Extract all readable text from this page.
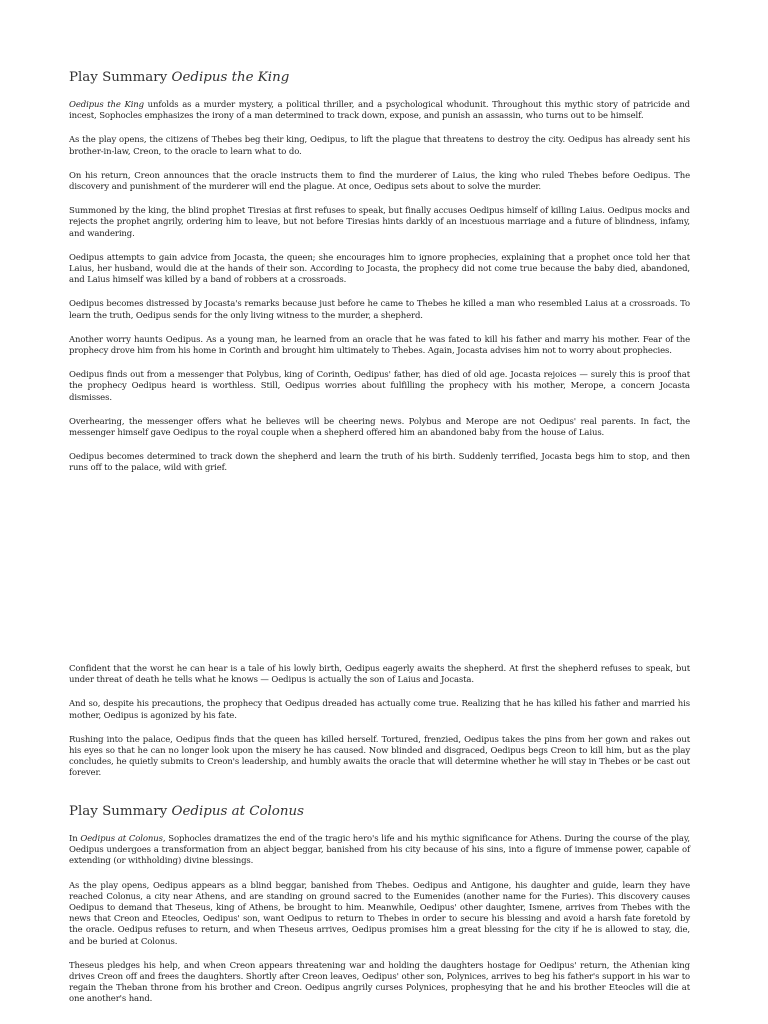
Play Summary Oedipus the King

Oedipus the King unfolds as a murder mystery, a political thriller, and a psychological whodunit. Throughout this mythic story of patricide and incest, Sophocles emphasizes the irony of a man determined to track down, expose, and punish an assassin, who turns out to be himself.

As the play opens, the citizens of Thebes beg their king, Oedipus, to lift the plague that threatens to destroy the city. Oedipus has already sent his brother-in-law, Creon, to the oracle to learn what to do.

On his return, Creon announces that the oracle instructs them to find the murderer of Laius, the king who ruled Thebes before Oedipus. The discovery and punishment of the murderer will end the plague. At once, Oedipus sets about to solve the murder.

Summoned by the king, the blind prophet Tiresias at first refuses to speak, but finally accuses Oedipus himself of killing Laius. Oedipus mocks and rejects the prophet angrily, ordering him to leave, but not before Tiresias hints darkly of an incestuous marriage and a future of blindness, infamy, and wandering.

Oedipus attempts to gain advice from Jocasta, the queen; she encourages him to ignore prophecies, explaining that a prophet once told her that Laius, her husband, would die at the hands of their son. According to Jocasta, the prophecy did not come true because the baby died, abandoned, and Laius himself was killed by a band of robbers at a crossroads.

Oedipus becomes distressed by Jocasta's remarks because just before he came to Thebes he killed a man who resembled Laius at a crossroads. To learn the truth, Oedipus sends for the only living witness to the murder, a shepherd.

Another worry haunts Oedipus. As a young man, he learned from an oracle that he was fated to kill his father and marry his mother. Fear of the prophecy drove him from his home in Corinth and brought him ultimately to Thebes. Again, Jocasta advises him not to worry about prophecies.

Oedipus finds out from a messenger that Polybus, king of Corinth, Oedipus' father, has died of old age. Jocasta rejoices — surely this is proof that the prophecy Oedipus heard is worthless. Still, Oedipus worries about fulfilling the prophecy with his mother, Merope, a concern Jocasta dismisses.

Overhearing, the messenger offers what he believes will be cheering news. Polybus and Merope are not Oedipus' real parents. In fact, the messenger himself gave Oedipus to the royal couple when a shepherd offered him an abandoned baby from the house of Laius.

Oedipus becomes determined to track down the shepherd and learn the truth of his birth. Suddenly terrified, Jocasta begs him to stop, and then runs off to the palace, wild with grief.

Confident that the worst he can hear is a tale of his lowly birth, Oedipus eagerly awaits the shepherd. At first the shepherd refuses to speak, but under threat of death he tells what he knows — Oedipus is actually the son of Laius and Jocasta.

And so, despite his precautions, the prophecy that Oedipus dreaded has actually come true. Realizing that he has killed his father and married his mother, Oedipus is agonized by his fate.

Rushing into the palace, Oedipus finds that the queen has killed herself. Tortured, frenzied, Oedipus takes the pins from her gown and rakes out his eyes so that he can no longer look upon the misery he has caused. Now blinded and disgraced, Oedipus begs Creon to kill him, but as the play concludes, he quietly submits to Creon's leadership, and humbly awaits the oracle that will determine whether he will stay in Thebes or be cast out forever.

Play Summary Oedipus at Colonus

In Oedipus at Colonus, Sophocles dramatizes the end of the tragic hero's life and his mythic significance for Athens. During the course of the play, Oedipus undergoes a transformation from an abject beggar, banished from his city because of his sins, into a figure of immense power, capable of extending (or withholding) divine blessings.

As the play opens, Oedipus appears as a blind beggar, banished from Thebes. Oedipus and Antigone, his daughter and guide, learn they have reached Colonus, a city near Athens, and are standing on ground sacred to the Eumenides (another name for the Furies). This discovery causes Oedipus to demand that Theseus, king of Athens, be brought to him. Meanwhile, Oedipus' other daughter, Ismene, arrives from Thebes with the news that Creon and Eteocles, Oedipus' son, want Oedipus to return to Thebes in order to secure his blessing and avoid a harsh fate foretold by the oracle. Oedipus refuses to return, and when Theseus arrives, Oedipus promises him a great blessing for the city if he is allowed to stay, die, and be buried at Colonus.

Theseus pledges his help, and when Creon appears threatening war and holding the daughters hostage for Oedipus' return, the Athenian king drives Creon off and frees the daughters. Shortly after Creon leaves, Oedipus' other son, Polynices, arrives to beg his father's support in his war to regain the Theban throne from his brother and Creon. Oedipus angrily curses Polynices, prophesying that he and his brother Eteocles will die at one another's hand.
